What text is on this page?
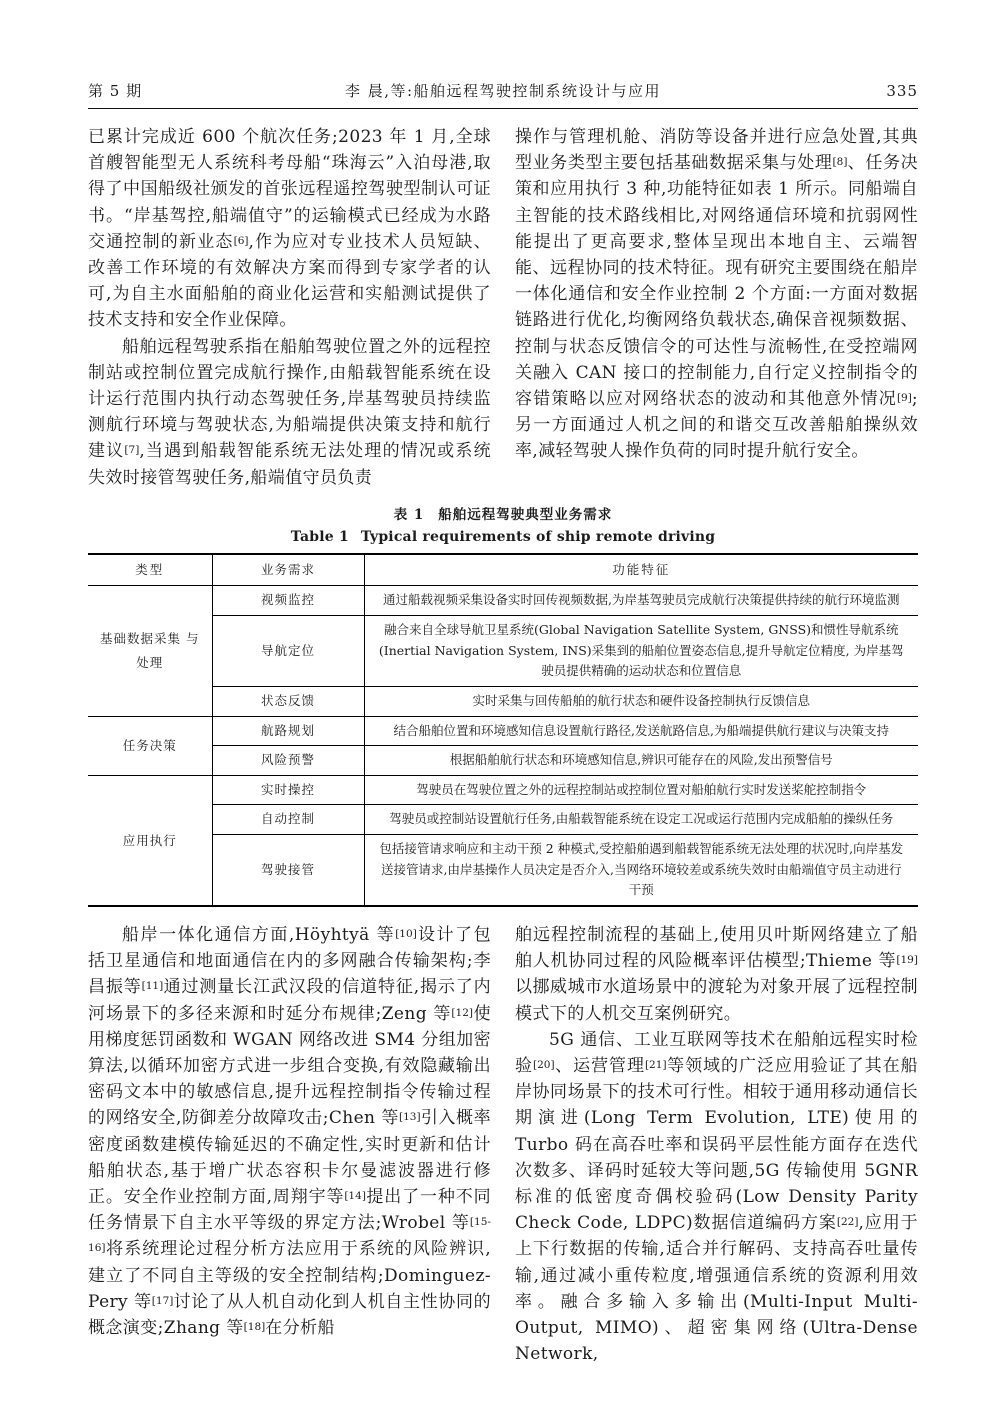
第 5 期	李 晨,等:船舶远程驾驶控制系统设计与应用	335

已累计完成近 600 个航次任务;2023 年 1 月,全球首艘智能型无人系统科考母船“珠海云”入泊母港,取得了中国船级社颁发的首张远程遥控驾驶型制认可证书。“岸基驾控,船端值守”的运输模式已经成为水路交通控制的新业态[6],作为应对专业技术人员短缺、改善工作环境的有效解决方案而得到专家学者的认可,为自主水面船舶的商业化运营和实船测试提供了技术支持和安全作业保障。

船舶远程驾驶系指在船舶驾驶位置之外的远程控制站或控制位置完成航行操作,由船载智能系统在设计运行范围内执行动态驾驶任务,岸基驾驶员持续监测航行环境与驾驶状态,为船端提供决策支持和航行建议[7],当遇到船载智能系统无法处理的情况或系统失效时接管驾驶任务,船端值守员负责

操作与管理机舱、消防等设备并进行应急处置,其典型业务类型主要包括基础数据采集与处理[8]、任务决策和应用执行 3 种,功能特征如表 1 所示。同船端自主智能的技术路线相比,对网络通信环境和抗弱网性能提出了更高要求,整体呈现出本地自主、云端智能、远程协同的技术特征。现有研究主要围绕在船岸一体化通信和安全作业控制 2 个方面:一方面对数据链路进行优化,均衡网络负载状态,确保音视频数据、控制与状态反馈信令的可达性与流畅性,在受控端网关融入 CAN 接口的控制能力,自行定义控制指令的容错策略以应对网络状态的波动和其他意外情况[9];另一方面通过人机之间的和谐交互改善船舶操纵效率,减轻驾驶人操作负荷的同时提升航行安全。

表 1 船舶远程驾驶典型业务需求
Table 1 Typical requirements of ship remote driving
类型	业务需求	功能特征
基础数据采集 与处理	视频监控	通过船载视频采集设备实时回传视频数据,为岸基驾驶员完成航行决策提供持续的航行环境监测
	导航定位	融合来自全球导航卫星系统(Global Navigation Satellite System, GNSS)和惯性导航系统 (Inertial Navigation System, INS)采集到的船舶位置姿态信息,提升导航定位精度, 为岸基驾驶员提供精确的运动状态和位置信息
	状态反馈	实时采集与回传船舶的航行状态和硬件设备控制执行反馈信息
任务决策	航路规划	结合船舶位置和环境感知信息设置航行路径,发送航路信息,为船端提供航行建议与决策支持
	风险预警	根据船舶航行状态和环境感知信息,辨识可能存在的风险,发出预警信号
应用执行	实时操控	驾驶员在驾驶位置之外的远程控制站或控制位置对船舶航行实时发送桨舵控制指令
	自动控制	驾驶员或控制站设置航行任务,由船载智能系统在设定工况或运行范围内完成船舶的操纵任务
	驾驶接管	包括接管请求响应和主动干预 2 种模式,受控船舶遇到船载智能系统无法处理的状况时,向岸基发送接管请求,由岸基操作人员决定是否介入,当网络环境较差或系统失效时由船端值守员主动进行干预

船岸一体化通信方面,Höyhtyä 等[10]设计了包括卫星通信和地面通信在内的多网融合传输架构;李昌振等[11]通过测量长江武汉段的信道特征,揭示了内河场景下的多径来源和时延分布规律;Zeng 等[12]使用梯度惩罚函数和 WGAN 网络改进 SM4 分组加密算法,以循环加密方式进一步组合变换,有效隐藏输出密码文本中的敏感信息,提升远程控制指令传输过程的网络安全,防御差分故障攻击;Chen 等[13]引入概率密度函数建模传输延迟的不确定性,实时更新和估计船舶状态,基于增广状态容积卡尔曼滤波器进行修正。安全作业控制方面,周翔宇等[14]提出了一种不同任务情景下自主水平等级的界定方法;Wrobel 等[15-16]将系统理论过程分析方法应用于系统的风险辨识,建立了不同自主等级的安全控制结构;Dominguez-Pery 等[17]讨论了从人机自动化到人机自主性协同的概念演变;Zhang 等[18]在分析船

舶远程控制流程的基础上,使用贝叶斯网络建立了船舶人机协同过程的风险概率评估模型;Thieme 等[19]以挪威城市水道场景中的渡轮为对象开展了远程控制模式下的人机交互案例研究。

5G 通信、工业互联网等技术在船舶远程实时检验[20]、运营管理[21]等领域的广泛应用验证了其在船岸协同场景下的技术可行性。相较于通用移动通信长期演进(Long Term Evolution, LTE)使用的 Turbo 码在高吞吐率和误码平层性能方面存在迭代次数多、译码时延较大等问题,5G 传输使用 5GNR 标准的低密度奇偶校验码(Low Density Parity Check Code, LDPC)数据信道编码方案[22],应用于上下行数据的传输,适合并行解码、支持高吞吐量传输,通过减小重传粒度,增强通信系统的资源利用效率。融合多输入多输出(Multi-Input Multi-Output, MIMO)、超密集网络(Ultra-Dense Network,
